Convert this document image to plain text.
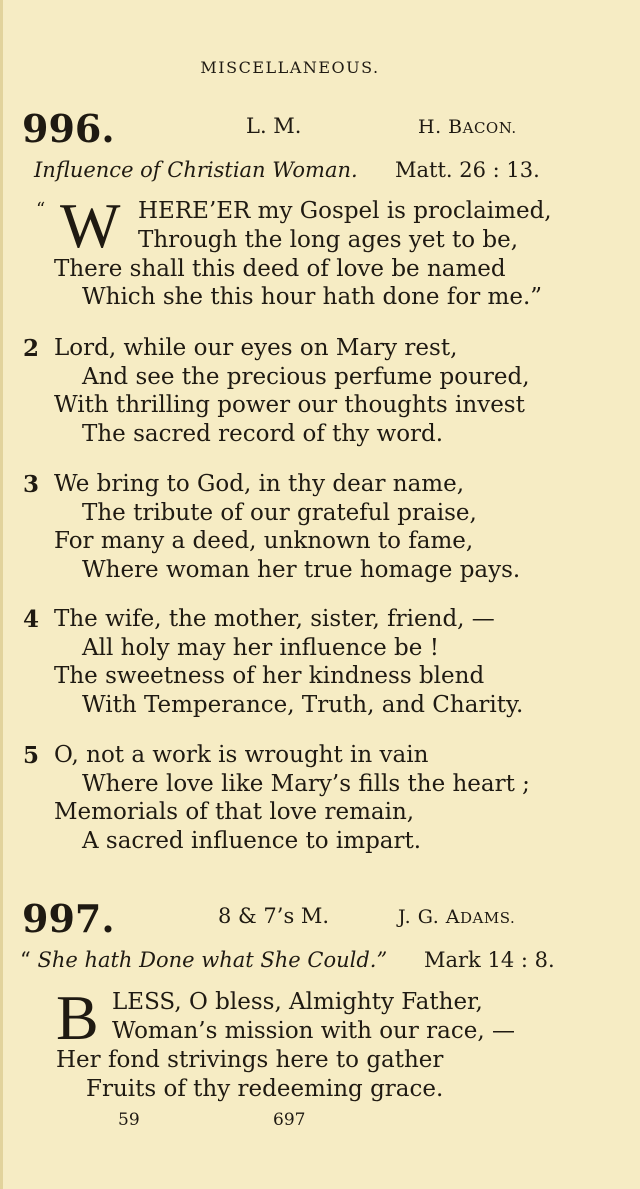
MISCELLANEOUS.
996.	L. M.	H. BACON.
Influence of Christian Woman. Matt. 26 : 13.
“ W HERE’ER my Gospel is proclaimed,
Through the long ages yet to be,
There shall this deed of love be named
Which she this hour hath done for me.”
2 Lord, while our eyes on Mary rest,
And see the precious perfume poured,
With thrilling power our thoughts invest
The sacred record of thy word.
3 We bring to God, in thy dear name,
The tribute of our grateful praise,
For many a deed, unknown to fame,
Where woman her true homage pays.
4 The wife, the mother, sister, friend, —
All holy may her influence be !
The sweetness of her kindness blend
With Temperance, Truth, and Charity.
5 O, not a work is wrought in vain
Where love like Mary’s fills the heart ;
Memorials of that love remain,
A sacred influence to impart.
997.	8 & 7’s M.	J. G. ADAMS.
“ She hath Done what She Could.” Mark 14 : 8.
B LESS, O bless, Almighty Father,
Woman’s mission with our race, —
Her fond strivings here to gather
Fruits of thy redeeming grace.
59	697
